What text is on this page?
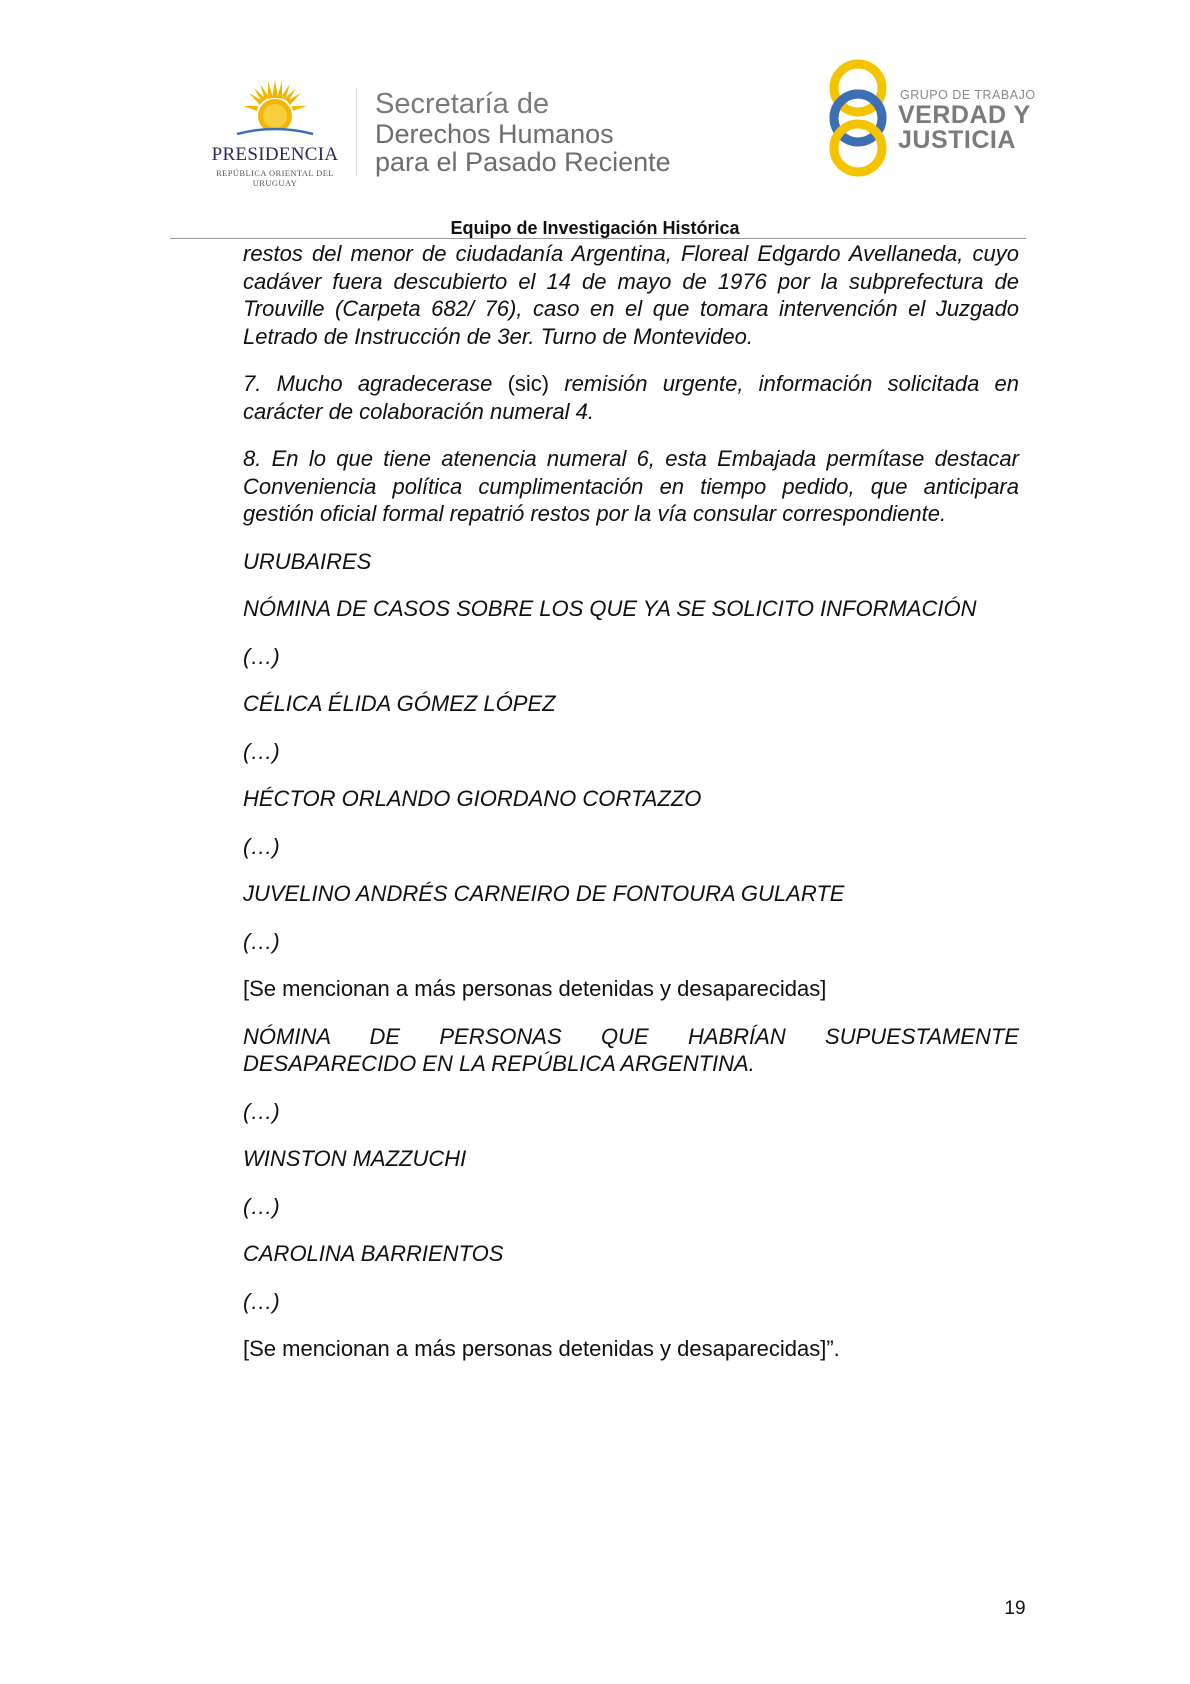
PRESIDENCIA
REPÚBLICA ORIENTAL DEL URUGUAY
Secretaría de
Derechos Humanos
para el Pasado Reciente
GRUPO DE TRABAJO
VERDAD Y
JUSTICIA
Equipo de Investigación Histórica

restos del menor de ciudadanía Argentina, Floreal Edgardo Avellaneda, cuyo cadáver fuera descubierto el 14 de mayo de 1976 por la subprefectura de Trouville (Carpeta 682/ 76), caso en el que tomara intervención el Juzgado Letrado de Instrucción de 3er. Turno de Montevideo.

7. Mucho agradecerase (sic) remisión urgente, información solicitada en carácter de colaboración numeral 4.

8. En lo que tiene atenencia numeral 6, esta Embajada permítase destacar Conveniencia política cumplimentación en tiempo pedido, que anticipara gestión oficial formal repatrió restos por la vía consular correspondiente.

URUBAIRES

NÓMINA DE CASOS SOBRE LOS QUE YA SE SOLICITO INFORMACIÓN

(…)

CÉLICA ÉLIDA GÓMEZ LÓPEZ

(…)

HÉCTOR ORLANDO GIORDANO CORTAZZO

(…)

JUVELINO ANDRÉS CARNEIRO DE FONTOURA GULARTE

(…)

[Se mencionan a más personas detenidas y desaparecidas]

NÓMINA DE PERSONAS QUE HABRÍAN SUPUESTAMENTE DESAPARECIDO EN LA REPÚBLICA ARGENTINA.

(…)

WINSTON MAZZUCHI

(…)

CAROLINA BARRIENTOS

(…)

[Se mencionan a más personas detenidas y desaparecidas]”.

19
